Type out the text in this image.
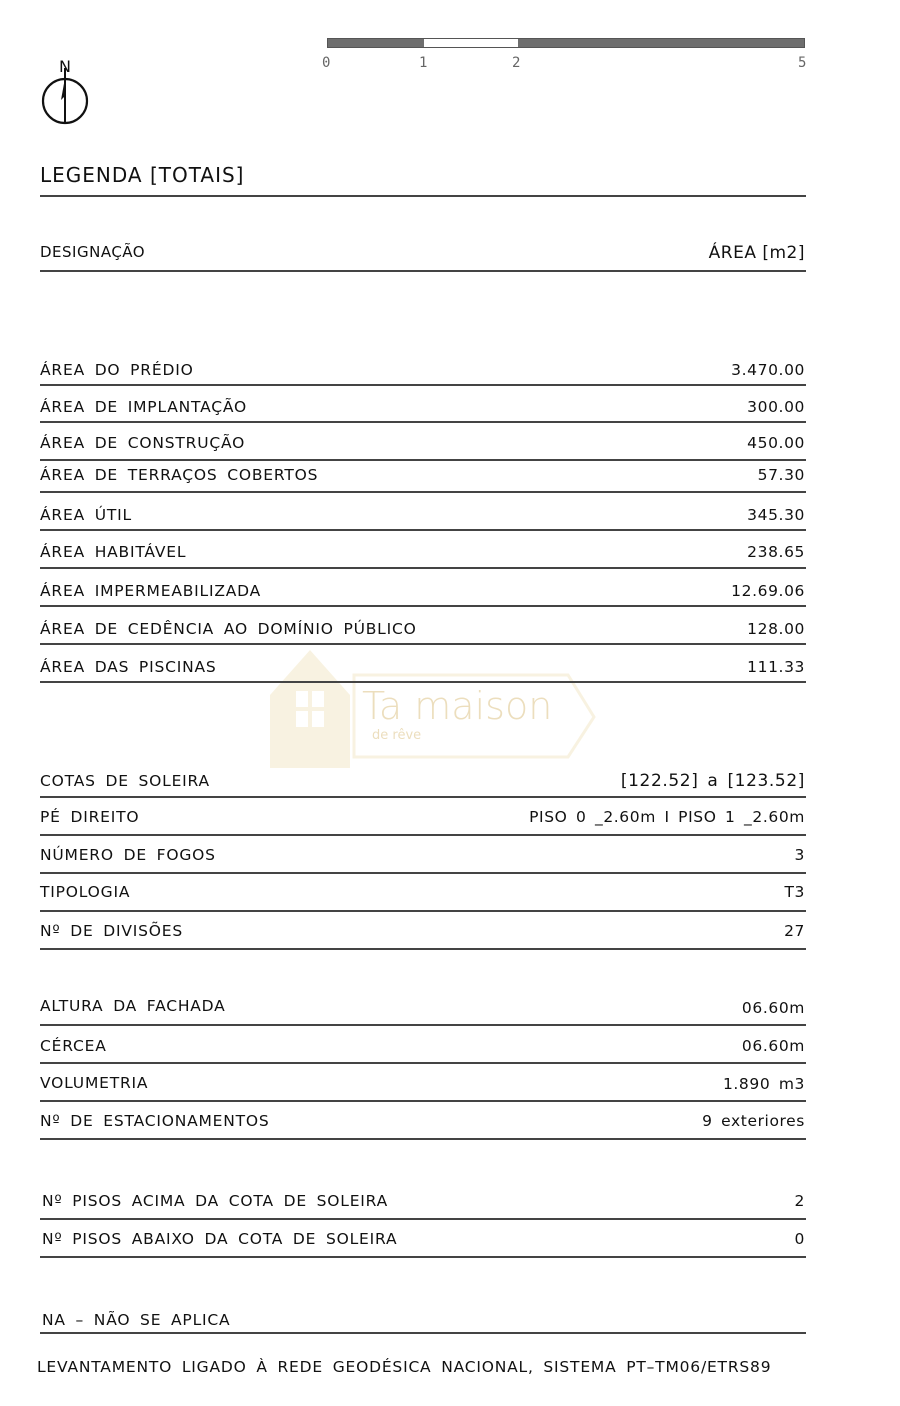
0	1	2	5
N
LEGENDA [TOTAIS]
DESIGNAÇÃO	ÁREA [m2]
Ta maison
de rêve
ÁREA DO PRÉDIO	3.470.00
ÁREA DE IMPLANTAÇÃO	300.00
ÁREA DE CONSTRUÇÃO	450.00
ÁREA DE TERRAÇOS COBERTOS	57.30
ÁREA ÚTIL	345.30
ÁREA HABITÁVEL	238.65
ÁREA IMPERMEABILIZADA	12.69.06
ÁREA DE CEDÊNCIA AO DOMÍNIO PÚBLICO	128.00
ÁREA DAS PISCINAS	111.33
COTAS DE SOLEIRA	[122.52] a [123.52]
PÉ DIREITO	PISO 0 _2.60m I PISO 1 _2.60m
NÚMERO DE FOGOS	3
TIPOLOGIA	T3
Nº DE DIVISÕES	27
ALTURA DA FACHADA	06.60m
CÉRCEA	06.60m
VOLUMETRIA	1.890 m3
Nº DE ESTACIONAMENTOS	9 exteriores
Nº PISOS ACIMA DA COTA DE SOLEIRA	2
Nº PISOS ABAIXO DA COTA DE SOLEIRA	0
NA – NÃO SE APLICA
LEVANTAMENTO LIGADO À REDE GEODÉSICA NACIONAL, SISTEMA PT–TM06/ETRS89
